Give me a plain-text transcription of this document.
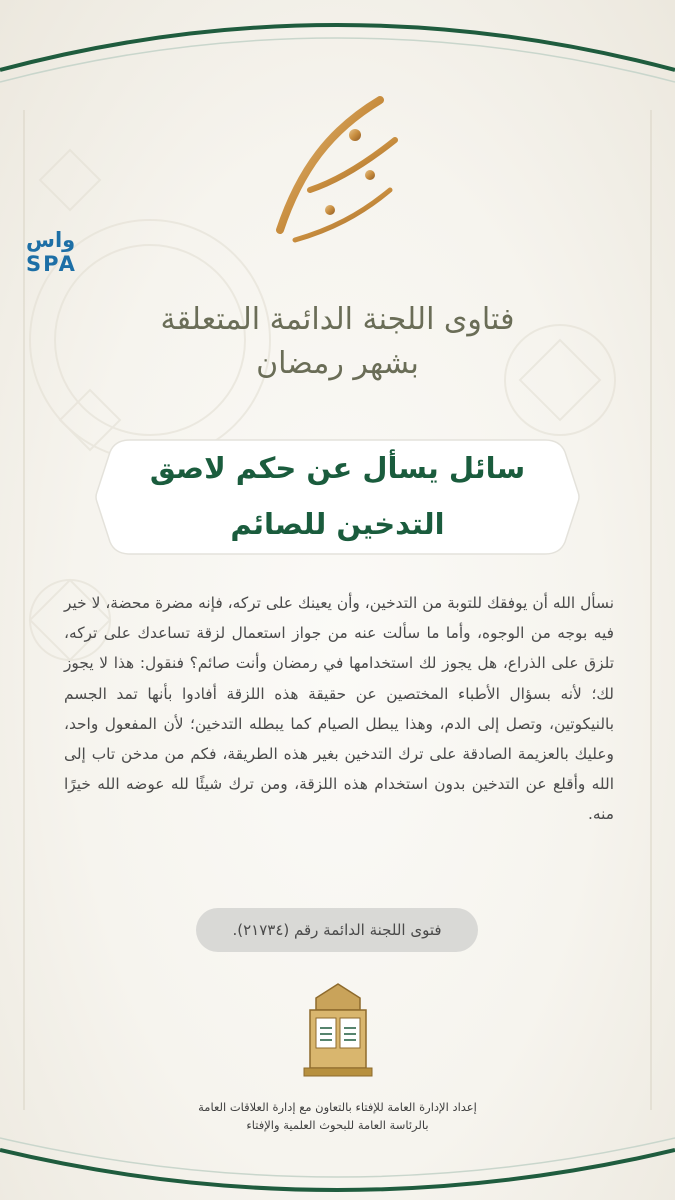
واس
SPA
فتاوى اللجنة الدائمة المتعلقة
بشهر رمضان
سائل يسأل عن حكم لاصق
التدخين للصائم
نسأل الله أن يوفقك للتوبة من التدخين، وأن يعينك على تركه، فإنه مضرة محضة، لا خير فيه بوجه من الوجوه، وأما ما سألت عنه من جواز استعمال لزقة تساعدك على تركه، تلزق على الذراع، هل يجوز لك استخدامها في رمضان وأنت صائم؟ فنقول: هذا لا يجوز لك؛ لأنه بسؤال الأطباء المختصين عن حقيقة هذه اللزقة أفادوا بأنها تمد الجسم بالنيكوتين، وتصل إلى الدم، وهذا يبطل الصيام كما يبطله التدخين؛ لأن المفعول واحد، وعليك بالعزيمة الصادقة على ترك التدخين بغير هذه الطريقة، فكم من مدخن تاب إلى الله وأقلع عن التدخين بدون استخدام هذه اللزقة، ومن ترك شيئًا لله عوضه الله خيرًا منه.
فتوى اللجنة الدائمة رقم (٢١٧٣٤).
إعداد الإدارة العامة للإفتاء بالتعاون مع إدارة العلاقات العامة
بالرئاسة العامة للبحوث العلمية والإفتاء
